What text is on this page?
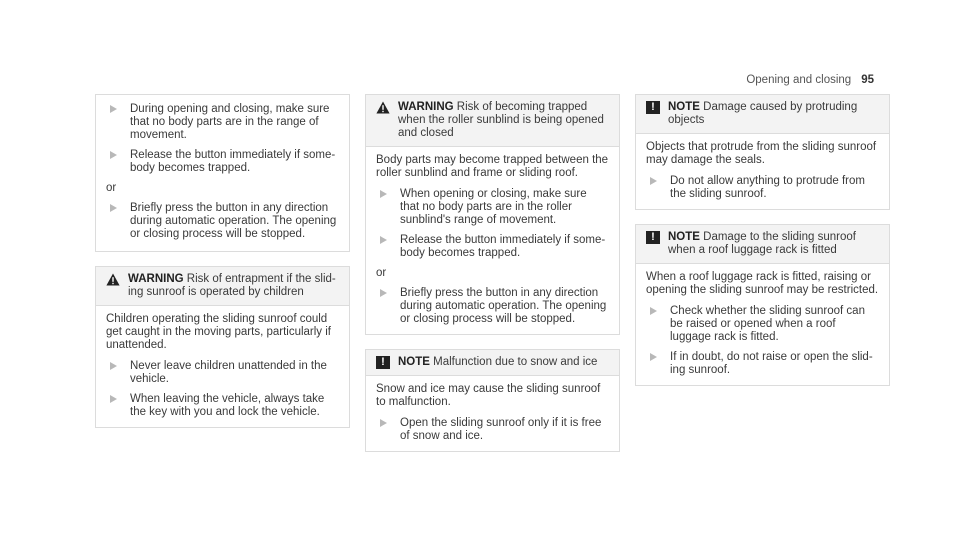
Opening and closing 95
During opening and closing, make sure that no body parts are in the range of movement.
Release the button immediately if some-body becomes trapped.
or
Briefly press the button in any direction during automatic operation. The opening or closing process will be stopped.
WARNING Risk of entrapment if the slid-ing sunroof is operated by children

Children operating the sliding sunroof could get caught in the moving parts, particularly if unattended.

Never leave children unattended in the vehicle.
When leaving the vehicle, always take the key with you and lock the vehicle.
WARNING Risk of becoming trapped when the roller sunblind is being opened and closed

Body parts may become trapped between the roller sunblind and frame or sliding roof.

When opening or closing, make sure that no body parts are in the roller sunblind's range of movement.
Release the button immediately if some-body becomes trapped.
or
Briefly press the button in any direction during automatic operation. The opening or closing process will be stopped.
!	NOTE Malfunction due to snow and ice

Snow and ice may cause the sliding sunroof to malfunction.

Open the sliding sunroof only if it is free of snow and ice.
!	NOTE Damage caused by protruding objects

Objects that protrude from the sliding sunroof may damage the seals.

Do not allow anything to protrude from the sliding sunroof.
!	NOTE Damage to the sliding sunroof when a roof luggage rack is fitted

When a roof luggage rack is fitted, raising or opening the sliding sunroof may be restricted.

Check whether the sliding sunroof can be raised or opened when a roof luggage rack is fitted.
If in doubt, do not raise or open the slid-ing sunroof.
